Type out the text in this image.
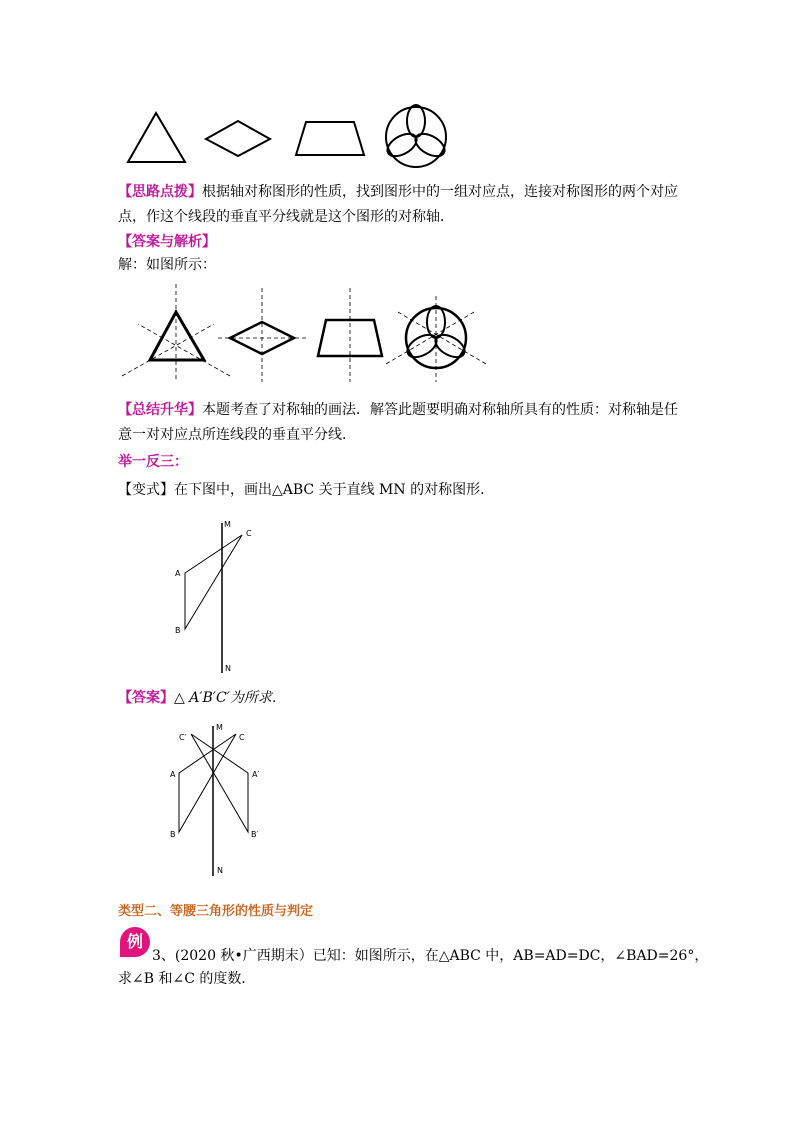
【思路点拨】根据轴对称图形的性质，找到图形中的一组对应点，连接对称图形的两个对应
点，作这个线段的垂直平分线就是这个图形的对称轴．
【答案与解析】
解：如图所示：
【总结升华】本题考查了对称轴的画法．解答此题要明确对称轴所具有的性质：对称轴是任
意一对对应点所连线段的垂直平分线．
举一反三：
【变式】在下图中，画出△ABC 关于直线 MN 的对称图形．
M
N
A
B
C
【答案】△ A′B′C′为所求．
M
N
A
B
C
A′
B′
C′
类型二、等腰三角形的性质与判定
例
3、(2020 秋•广西期末）已知：如图所示，在△ABC 中，AB=AD=DC，∠BAD=26°，
求∠B 和∠C 的度数．
